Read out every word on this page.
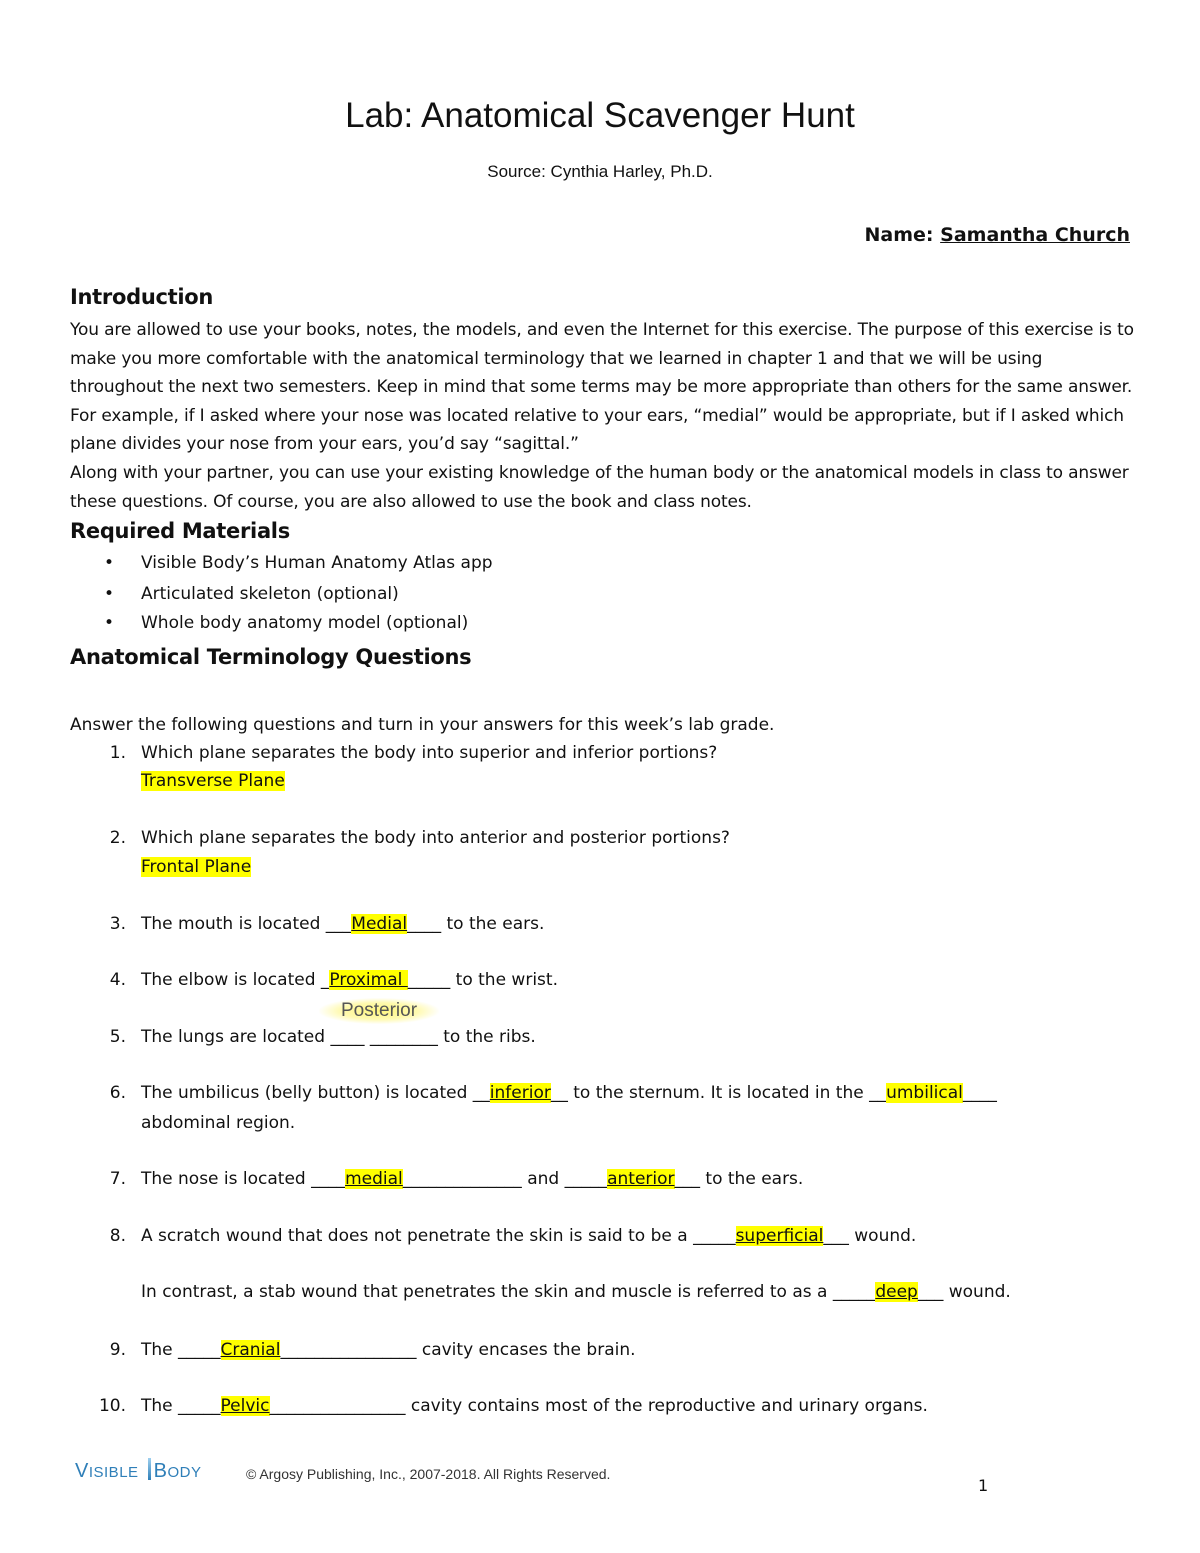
Lab: Anatomical Scavenger Hunt
Source: Cynthia Harley, Ph.D.
Name: Samantha Church
Introduction
You are allowed to use your books, notes, the models, and even the Internet for this exercise. The purpose of this exercise is to make you more comfortable with the anatomical terminology that we learned in chapter 1 and that we will be using throughout the next two semesters. Keep in mind that some terms may be more appropriate than others for the same answer. For example, if I asked where your nose was located relative to your ears, “medial” would be appropriate, but if I asked which plane divides your nose from your ears, you’d say “sagittal.”
Along with your partner, you can use your existing knowledge of the human body or the anatomical models in class to answer these questions. Of course, you are also allowed to use the book and class notes.
Required Materials
• Visible Body’s Human Anatomy Atlas app
• Articulated skeleton (optional)
• Whole body anatomy model (optional)
Anatomical Terminology Questions
Answer the following questions and turn in your answers for this week’s lab grade.
1. Which plane separates the body into superior and inferior portions?
Transverse Plane
2. Which plane separates the body into anterior and posterior portions?
Frontal Plane
3. The mouth is located ___Medial____ to the ears.
4. The elbow is located _Proximal _____ to the wrist.
Posterior
5. The lungs are located ____ ________ to the ribs.
6. The umbilicus (belly button) is located __inferior__ to the sternum. It is located in the __umbilical____
abdominal region.
7. The nose is located ____medial______________ and _____anterior___ to the ears.
8. A scratch wound that does not penetrate the skin is said to be a _____superficial___ wound.
In contrast, a stab wound that penetrates the skin and muscle is referred to as a _____deep___ wound.
9. The _____Cranial________________ cavity encases the brain.
10. The _____Pelvic________________ cavity contains most of the reproductive and urinary organs.
VISIBLE BODY	© Argosy Publishing, Inc., 2007-2018. All Rights Reserved.
1
